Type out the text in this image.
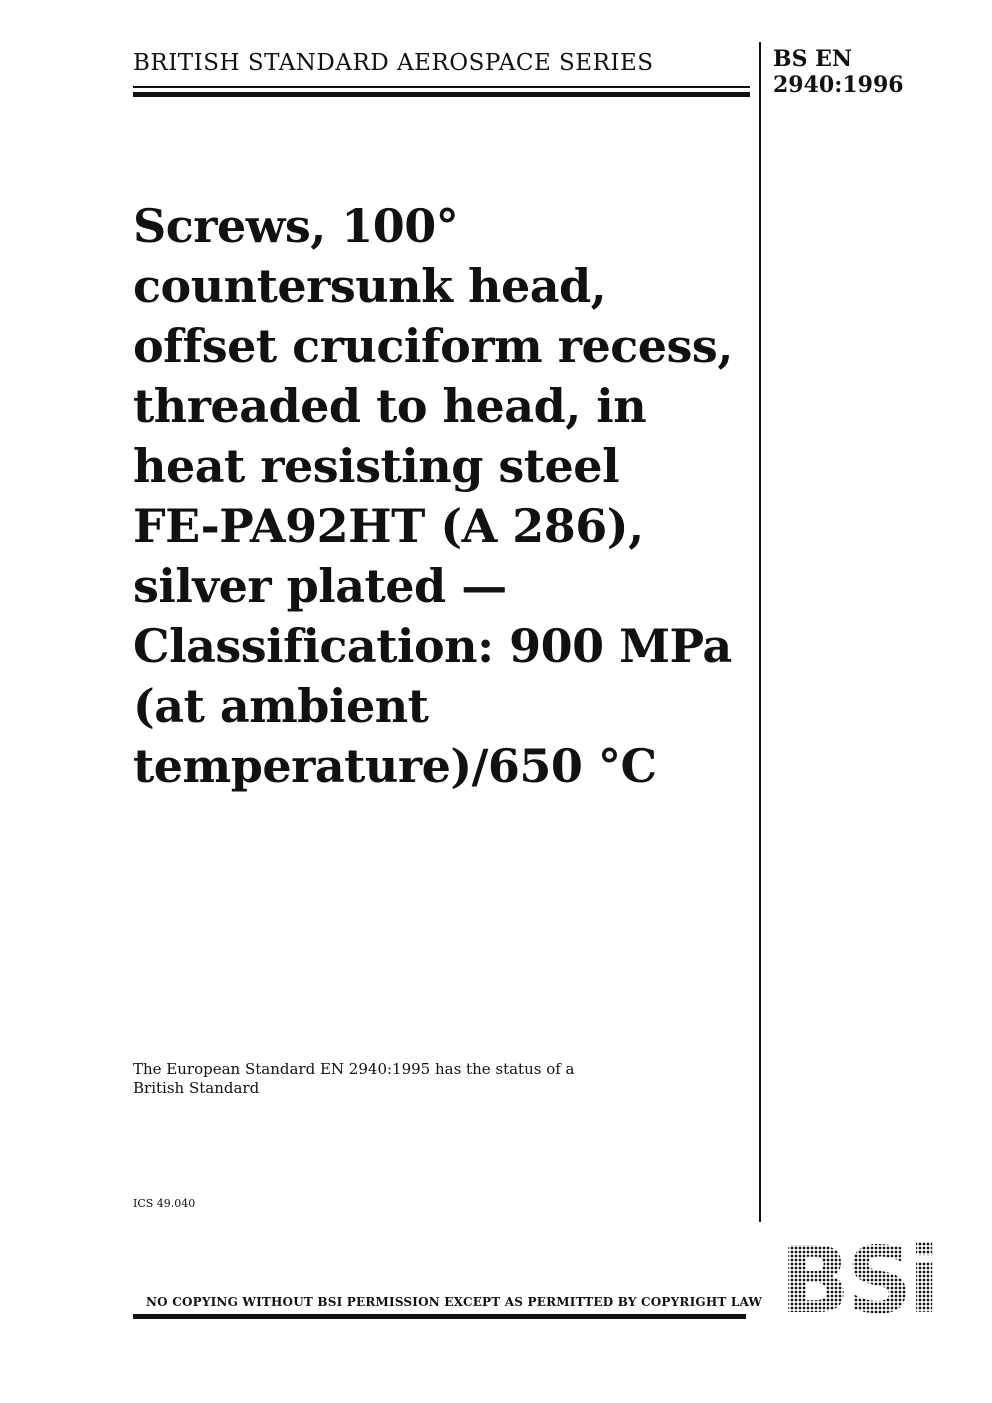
BRITISH STANDARD AEROSPACE SERIES	BS EN
2940:1996
Screws, 100°
countersunk head,
offset cruciform recess,
threaded to head, in
heat resisting steel
FE-PA92HT (A 286),
silver plated —
Classification: 900 MPa
(at ambient
temperature)/650 °C
The European Standard EN 2940:1995 has the status of a
British Standard
ICS 49.040
NO COPYING WITHOUT BSI PERMISSION EXCEPT AS PERMITTED BY COPYRIGHT LAW BSi
